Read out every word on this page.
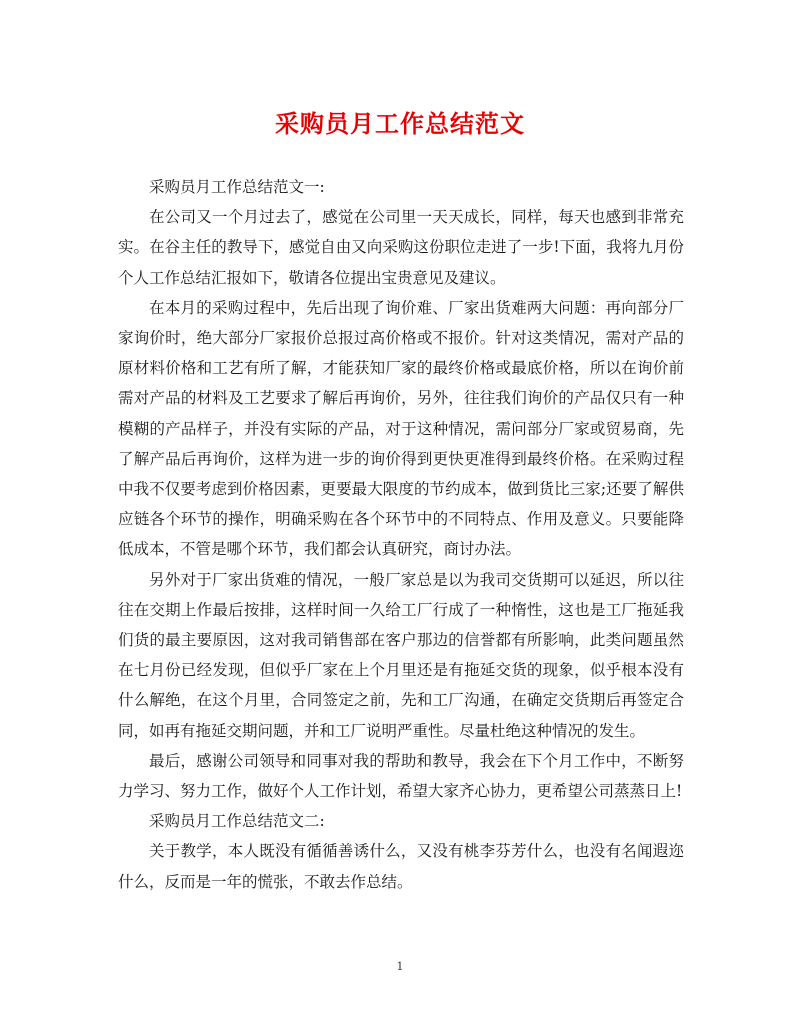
采购员月工作总结范文

采购员月工作总结范文一:

在公司又一个月过去了，感觉在公司里一天天成长，同样，每天也感到非常充实。在谷主任的教导下，感觉自由又向采购这份职位走进了一步!下面，我将九月份个人工作总结汇报如下，敬请各位提出宝贵意见及建议。

在本月的采购过程中，先后出现了询价难、厂家出货难两大问题：再向部分厂家询价时，绝大部分厂家报价总报过高价格或不报价。针对这类情况，需对产品的原材料价格和工艺有所了解，才能获知厂家的最终价格或最底价格，所以在询价前需对产品的材料及工艺要求了解后再询价，另外，往往我们询价的产品仅只有一种模糊的产品样子，并没有实际的产品，对于这种情况，需问部分厂家或贸易商，先了解产品后再询价，这样为进一步的询价得到更快更准得到最终价格。在采购过程中我不仅要考虑到价格因素，更要最大限度的节约成本，做到货比三家;还要了解供应链各个环节的操作，明确采购在各个环节中的不同特点、作用及意义。只要能降低成本，不管是哪个环节，我们都会认真研究，商讨办法。

另外对于厂家出货难的情况，一般厂家总是以为我司交货期可以延迟，所以往往在交期上作最后按排，这样时间一久给工厂行成了一种惰性，这也是工厂拖延我们货的最主要原因，这对我司销售部在客户那边的信誉都有所影响，此类问题虽然在七月份已经发现，但似乎厂家在上个月里还是有拖延交货的现象，似乎根本没有什么解绝，在这个月里，合同签定之前，先和工厂沟通，在确定交货期后再签定合同，如再有拖延交期问题，并和工厂说明严重性。尽量杜绝这种情况的发生。

最后，感谢公司领导和同事对我的帮助和教导，我会在下个月工作中，不断努力学习、努力工作，做好个人工作计划，希望大家齐心协力，更希望公司蒸蒸日上!

采购员月工作总结范文二:

关于教学，本人既没有循循善诱什么，又没有桃李芬芳什么，也没有名闻遐迩什么，反而是一年的慌张，不敢去作总结。

1
